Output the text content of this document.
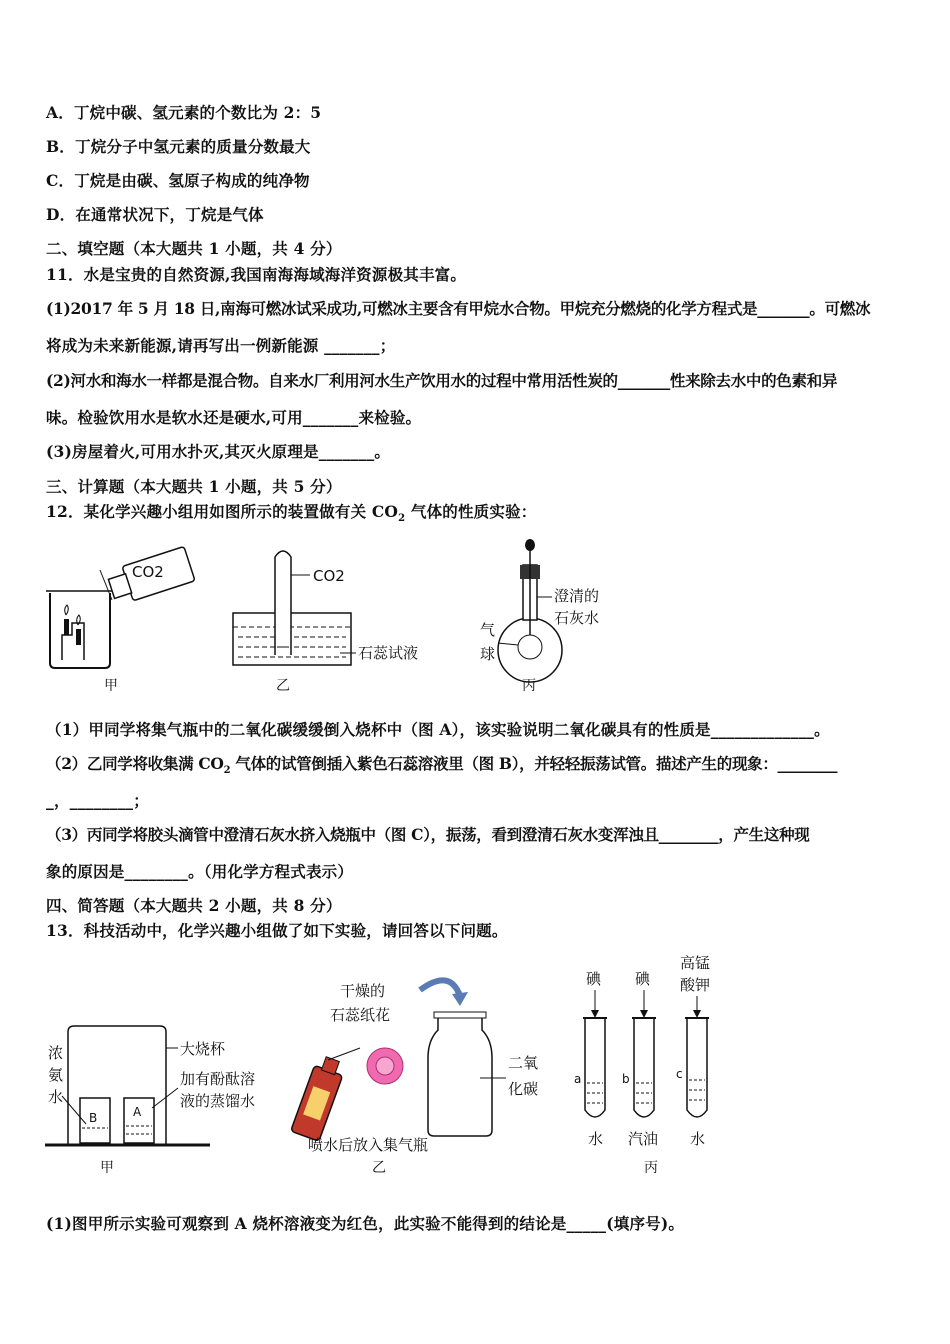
A．丁烷中碳、氢元素的个数比为 2：5
B．丁烷分子中氢元素的质量分数最大
C．丁烷是由碳、氢原子构成的纯净物
D．在通常状况下，丁烷是气体
二、填空题（本大题共 1 小题，共 4 分）
11．水是宝贵的自然资源,我国南海海域海洋资源极其丰富。
(1)2017 年 5 月 18 日,南海可燃冰试采成功,可燃冰主要含有甲烷水合物。甲烷充分燃烧的化学方程式是_______。可燃冰
将成为未来新能源,请再写出一例新能源 _______；
(2)河水和海水一样都是混合物。自来水厂利用河水生产饮用水的过程中常用活性炭的_______性来除去水中的色素和异
味。检验饮用水是软水还是硬水,可用_______来检验。
(3)房屋着火,可用水扑灭,其灭火原理是_______。
三、计算题（本大题共 1 小题，共 5 分）
12．某化学兴趣小组用如图所示的装置做有关 $CO_2$ 气体的性质实验：
CO2
甲
CO2
石蕊试液
乙
澄清的
石灰水
气
球
丙
（1）甲同学将集气瓶中的二氧化碳缓缓倒入烧杯中（图 A），该实验说明二氧化碳具有的性质是_____________。
（2）乙同学将收集满 $CO_2$ 气体的试管倒插入紫色石蕊溶液里（图 B），并轻轻振荡试管。描述产生的现象：________
_，________；
（3）丙同学将胶头滴管中澄清石灰水挤入烧瓶中（图 C），振荡，看到澄清石灰水变浑浊且________，产生这种现
象的原因是________。（用化学方程式表示）
四、简答题（本大题共 2 小题，共 8 分）
13．科技活动中，化学兴趣小组做了如下实验，请回答以下问题。
B	A
浓
氨
水
大烧杯
加有酚酞溶
液的蒸馏水
甲
干燥的
石蕊纸花
二氧
化碳
喷水后放入集气瓶
乙
碘 碘
高锰
酸钾
a	b	c
水 汽油 水
丙
(1)图甲所示实验可观察到 A 烧杯溶液变为红色，此实验不能得到的结论是_____(填序号)。
